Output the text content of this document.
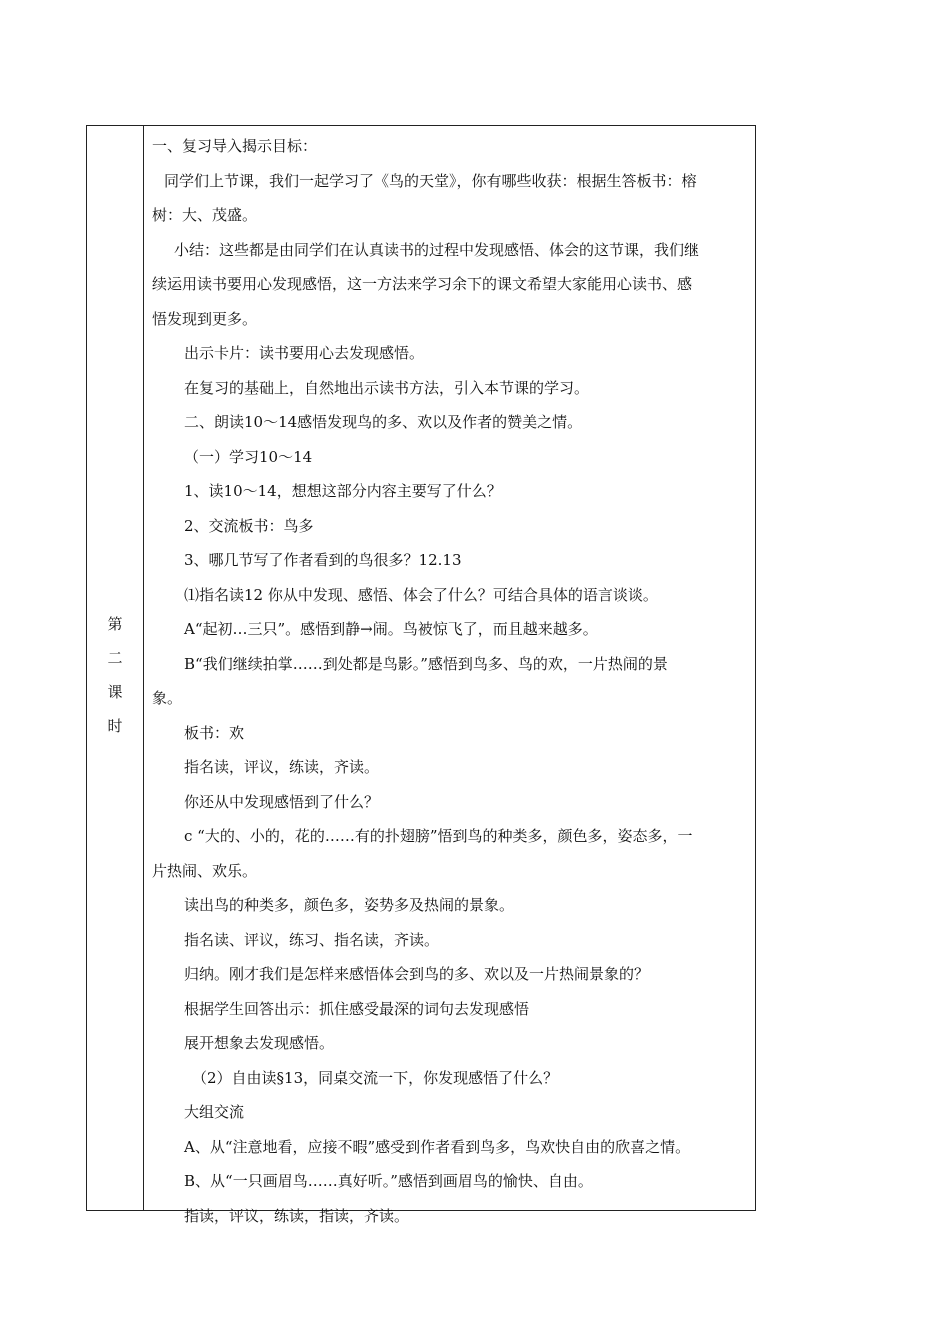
第
二
课
时
一、复习导入揭示目标：
同学们上节课，我们一起学习了《鸟的天堂》，你有哪些收获：根据生答板书：榕
树：大、茂盛。
小结：这些都是由同学们在认真读书的过程中发现感悟、体会的这节课，我们继
续运用读书要用心发现感悟，这一方法来学习余下的课文希望大家能用心读书、感
悟发现到更多。
出示卡片：读书要用心去发现感悟。
在复习的基础上，自然地出示读书方法，引入本节课的学习。
二、朗读10～14感悟发现鸟的多、欢以及作者的赞美之情。
（一）学习10～14
1、读10～14，想想这部分内容主要写了什么？
2、交流板书：鸟多
3、哪几节写了作者看到的鸟很多？12.13
⑴指名读12 你从中发现、感悟、体会了什么？可结合具体的语言谈谈。
A“起初…三只”。感悟到静→闹。鸟被惊飞了，而且越来越多。
B“我们继续拍掌……到处都是鸟影。”感悟到鸟多、鸟的欢，一片热闹的景
象。
板书：欢
指名读，评议，练读，齐读。
你还从中发现感悟到了什么？
c “大的、小的，花的……有的扑翅膀”悟到鸟的种类多，颜色多，姿态多，一
片热闹、欢乐。
读出鸟的种类多，颜色多，姿势多及热闹的景象。
指名读、评议，练习、指名读，齐读。
归纳。刚才我们是怎样来感悟体会到鸟的多、欢以及一片热闹景象的？
根据学生回答出示：抓住感受最深的词句去发现感悟
展开想象去发现感悟。
（2）自由读§13，同桌交流一下，你发现感悟了什么？
大组交流
A、从“注意地看，应接不暇”感受到作者看到鸟多，鸟欢快自由的欣喜之情。
B、从“一只画眉鸟……真好听。”感悟到画眉鸟的愉快、自由。
指读，评议，练读，指读，齐读。
